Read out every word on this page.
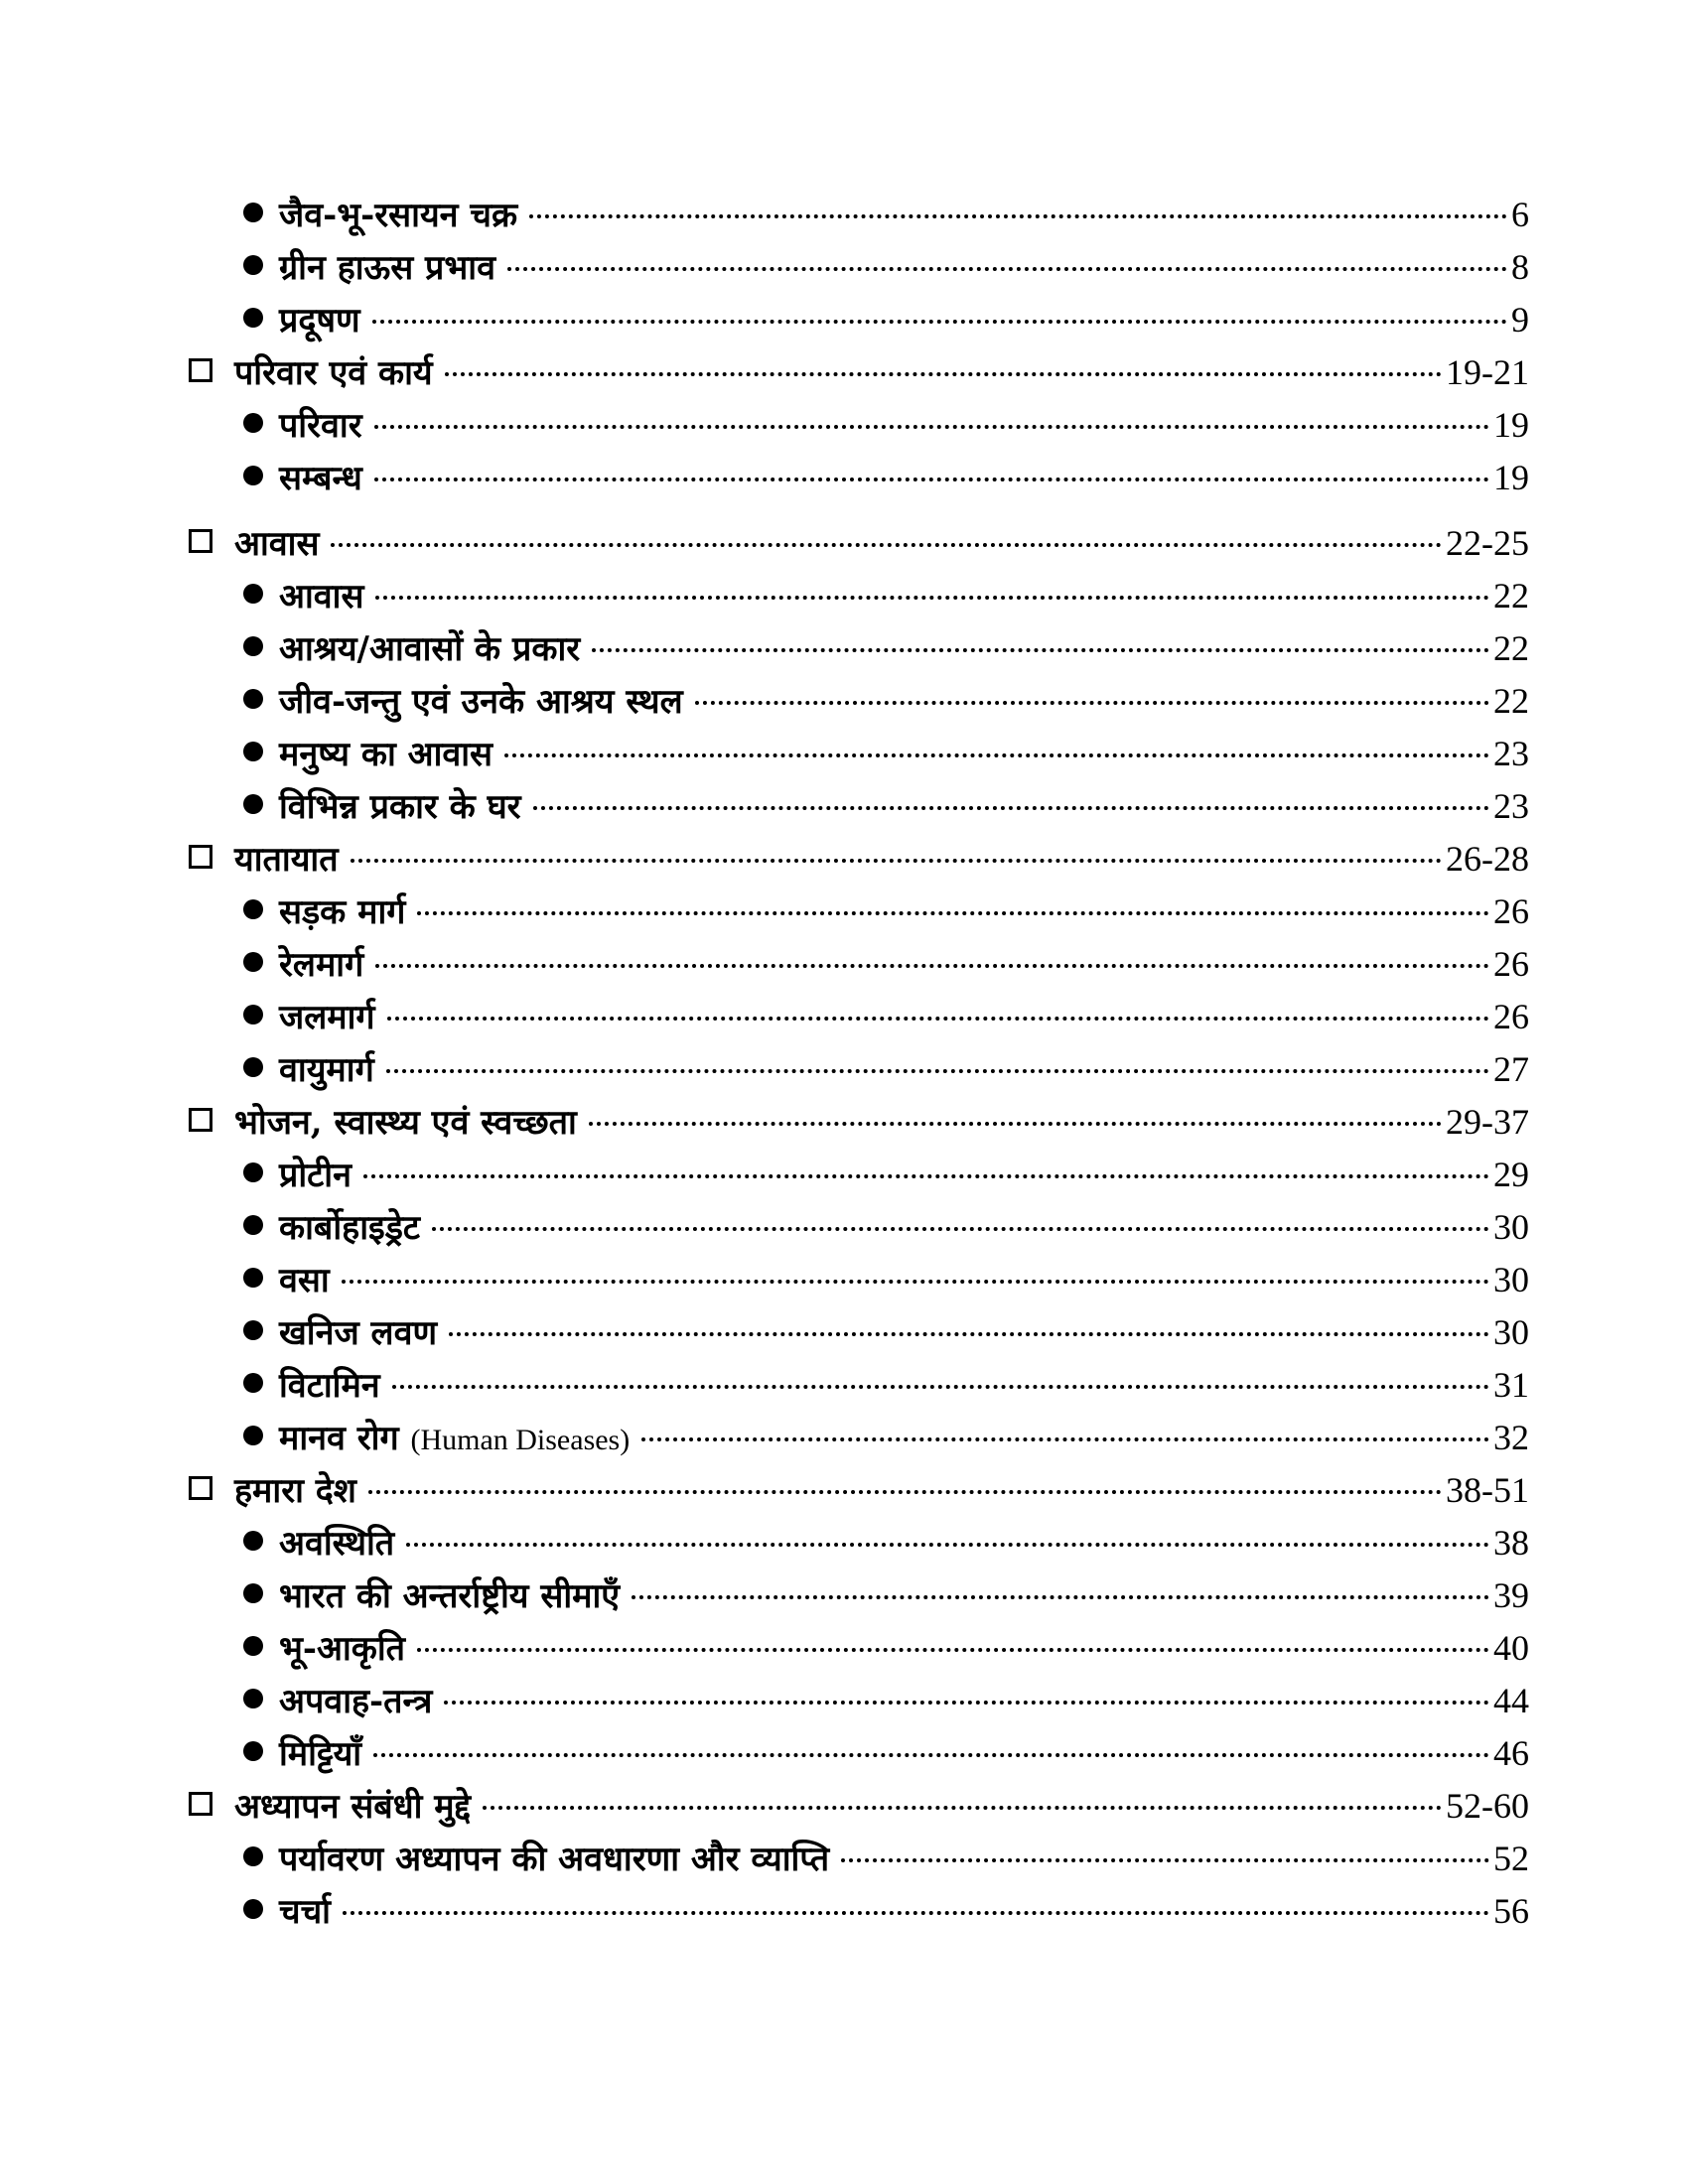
जैव-भू-रसायन चक्र	6
ग्रीन हाऊस प्रभाव	8
प्रदूषण	9
परिवार एवं कार्य	19-21
परिवार	19
सम्बन्ध	19
आवास	22-25
आवास	22
आश्रय/आवासों के प्रकार	22
जीव-जन्तु एवं उनके आश्रय स्थल	22
मनुष्य का आवास	23
विभिन्न प्रकार के घर	23
यातायात	26-28
सड़क मार्ग	26
रेलमार्ग	26
जलमार्ग	26
वायुमार्ग	27
भोजन, स्वास्थ्य एवं स्वच्छता	29-37
प्रोटीन	29
कार्बोहाइड्रेट	30
वसा	30
खनिज लवण	30
विटामिन	31
मानव रोग (Human Diseases)	32
हमारा देश	38-51
अवस्थिति	38
भारत की अन्तर्राष्ट्रीय सीमाएँ	39
भू-आकृति	40
अपवाह-तन्त्र	44
मिट्टियाँ	46
अध्यापन संबंधी मुद्दे	52-60
पर्यावरण अध्यापन की अवधारणा और व्याप्ति	52
चर्चा	56
